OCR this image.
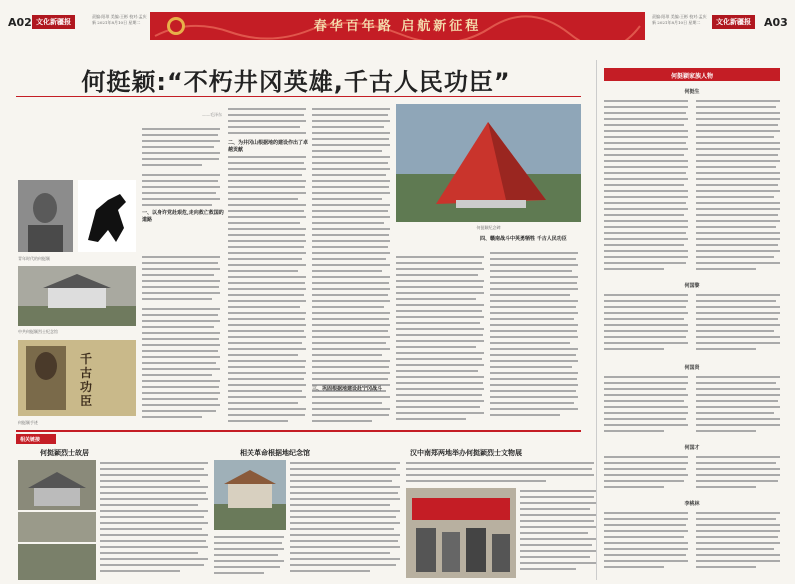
A02 文化新疆报
责编:阳琼 美编:王彬 校对:孟庆新 2021年8月10日 星期二	春华百年路 启航新征程
责编:阳琼 美编:王彬 校对:孟庆新 2021年8月10日 星期二	文化新疆报	A03
何挺颖:“不朽井冈英雄,千古人民功臣”
青年时代的何挺颖
中共何挺颖烈士纪念馆
千古功臣
何挺颖手迹
——毛泽东
一、以身许党赴艰危,走向救亡救国的道路
二、为井冈山根据地的建设作出了卓越贡献
三、巩固根据地建设赴宁冈战斗
何挺颖纪念碑
四、赣南战斗中英勇牺牲 千古人民功臣
何挺颖家族人物
何挺生
何国黎
何国贤
何国才
李桃林
相关链接
何挺颖烈士故居	相关革命根据地纪念馆	汉中南郑两地举办何挺颖烈士文物展
